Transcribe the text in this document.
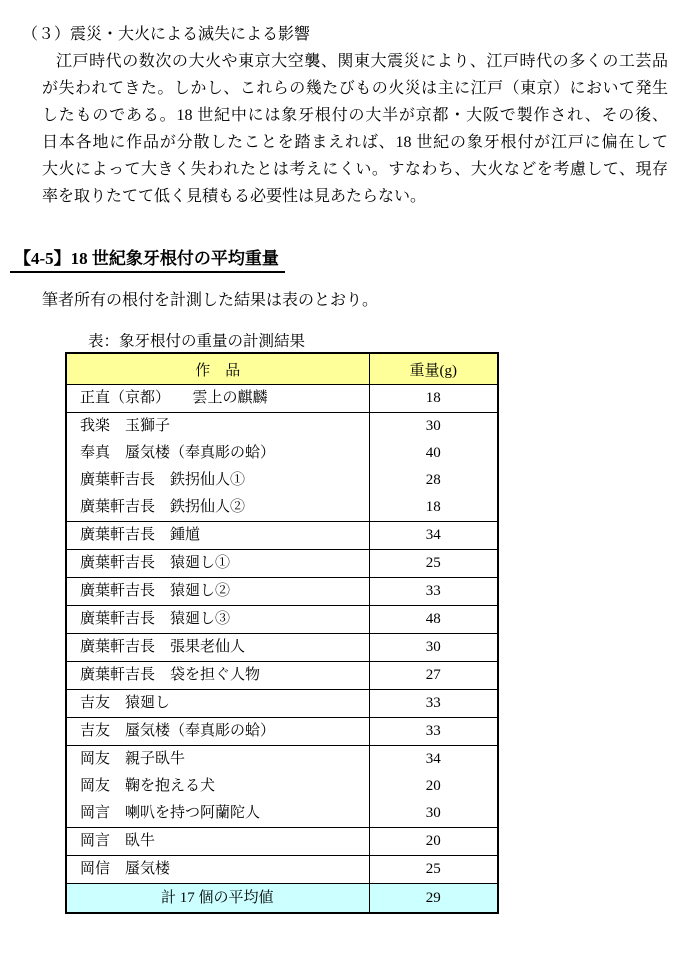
（３）震災・大火による滅失による影響
江戸時代の数次の大火や東京大空襲、関東大震災により、江戸時代の多くの工芸品
が失われてきた。しかし、これらの幾たびもの火災は主に江戸（東京）において発生
したものである。18 世紀中には象牙根付の大半が京都・大阪で製作され、その後、
日本各地に作品が分散したことを踏まえれば、18 世紀の象牙根付が江戸に偏在して
大火によって大きく失われたとは考えにくい。すなわち、大火などを考慮して、現存
率を取りたてて低く見積もる必要性は見あたらない。
【4-5】18 世紀象牙根付の平均重量
筆者所有の根付を計測した結果は表のとおり。
表：象牙根付の重量の計測結果
作　品	重量(g)
正直（京都）　　雲上の麒麟	18
我楽　玉獅子	30
奉真　蜃気楼（奉真彫の蛤）	40
廣葉軒吉長　鉄拐仙人①	28
廣葉軒吉長　鉄拐仙人②	18
廣葉軒吉長　鍾馗	34
廣葉軒吉長　猿廻し①	25
廣葉軒吉長　猿廻し②	33
廣葉軒吉長　猿廻し③	48
廣葉軒吉長　張果老仙人	30
廣葉軒吉長　袋を担ぐ人物	27
吉友　猿廻し	33
吉友　蜃気楼（奉真彫の蛤）	33
岡友　親子臥牛	34
岡友　鞠を抱える犬	20
岡言　喇叭を持つ阿蘭陀人	30
岡言　臥牛	20
岡信　蜃気楼	25
計 17 個の平均値	29
